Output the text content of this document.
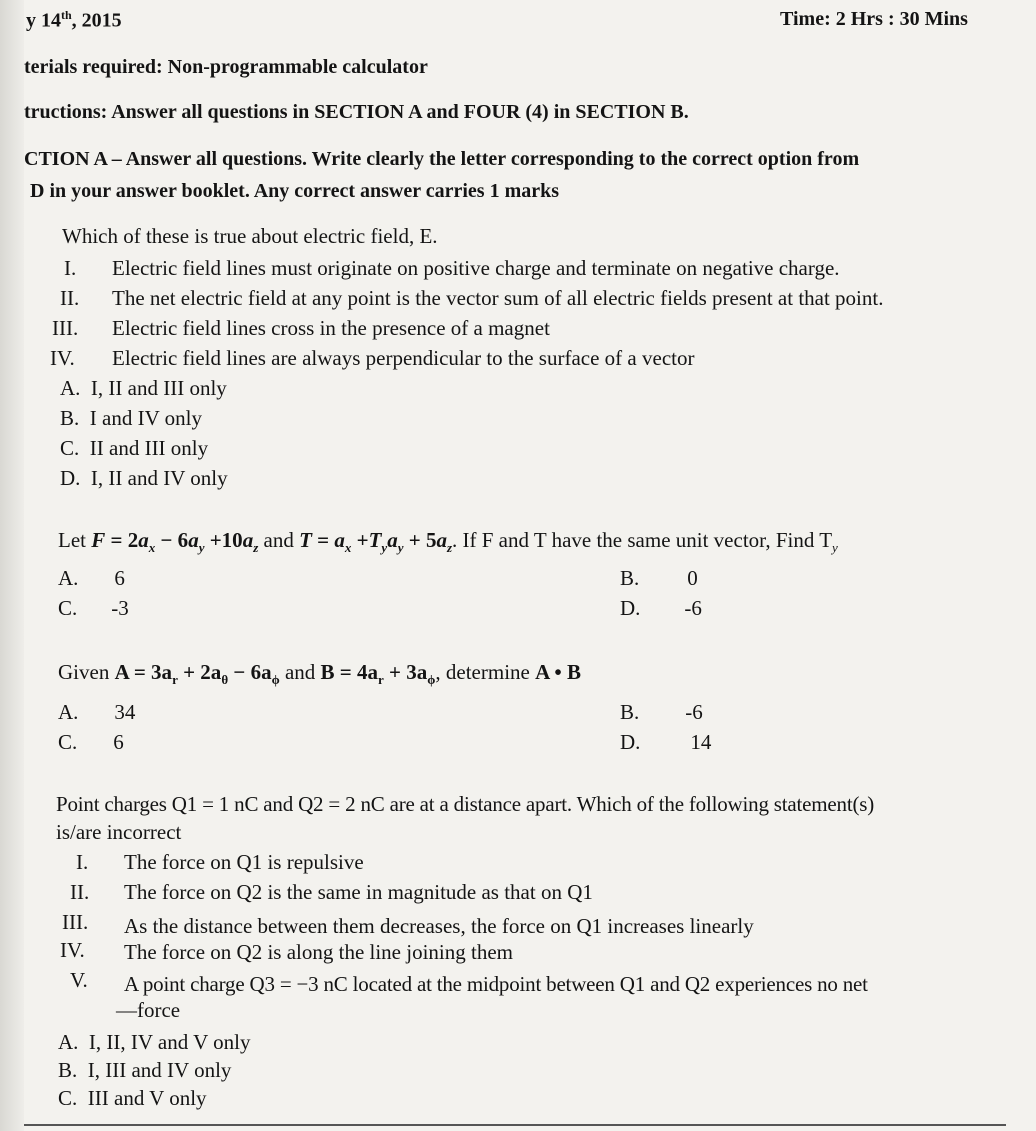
y 14th, 2015	Time: 2 Hrs : 30 Mins
terials required: Non-programmable calculator
tructions: Answer all questions in SECTION A and FOUR (4) in SECTION B.
CTION A – Answer all questions. Write clearly the letter corresponding to the correct option from
D in your answer booklet. Any correct answer carries 1 marks
Which of these is true about electric field, E.
I. Electric field lines must originate on positive charge and terminate on negative charge.
II. The net electric field at any point is the vector sum of all electric fields present at that point.
III. Electric field lines cross in the presence of a magnet
IV. Electric field lines are always perpendicular to the surface of a vector
A. I, II and III only
B. I and IV only
C. II and III only
D. I, II and IV only
Let $F = 2a_x - 6a_y +10a_z$ and $T = a_x +T_ya_y + 5a_z$. If F and T have the same unit vector, Find $T_y$
A. 6	B. 0
C. -3	D. -6
Given $A = 3a_r + 2a_\theta - 6a_\phi$ and $B = 4a_r + 3a_\phi$, determine A • B
A. 34	B. -6
C. 6	D. 14
Point charges Q1 = 1 nC and Q2 = 2 nC are at a distance apart. Which of the following statement(s)
is/are incorrect
I. The force on Q1 is repulsive
II. The force on Q2 is the same in magnitude as that on Q1
III. As the distance between them decreases, the force on Q1 increases linearly
IV. The force on Q2 is along the line joining them
V. A point charge Q3 = −3 nC located at the midpoint between Q1 and Q2 experiences no net
—force
A. I, II, IV and V only
B. I, III and IV only
C. III and V only
